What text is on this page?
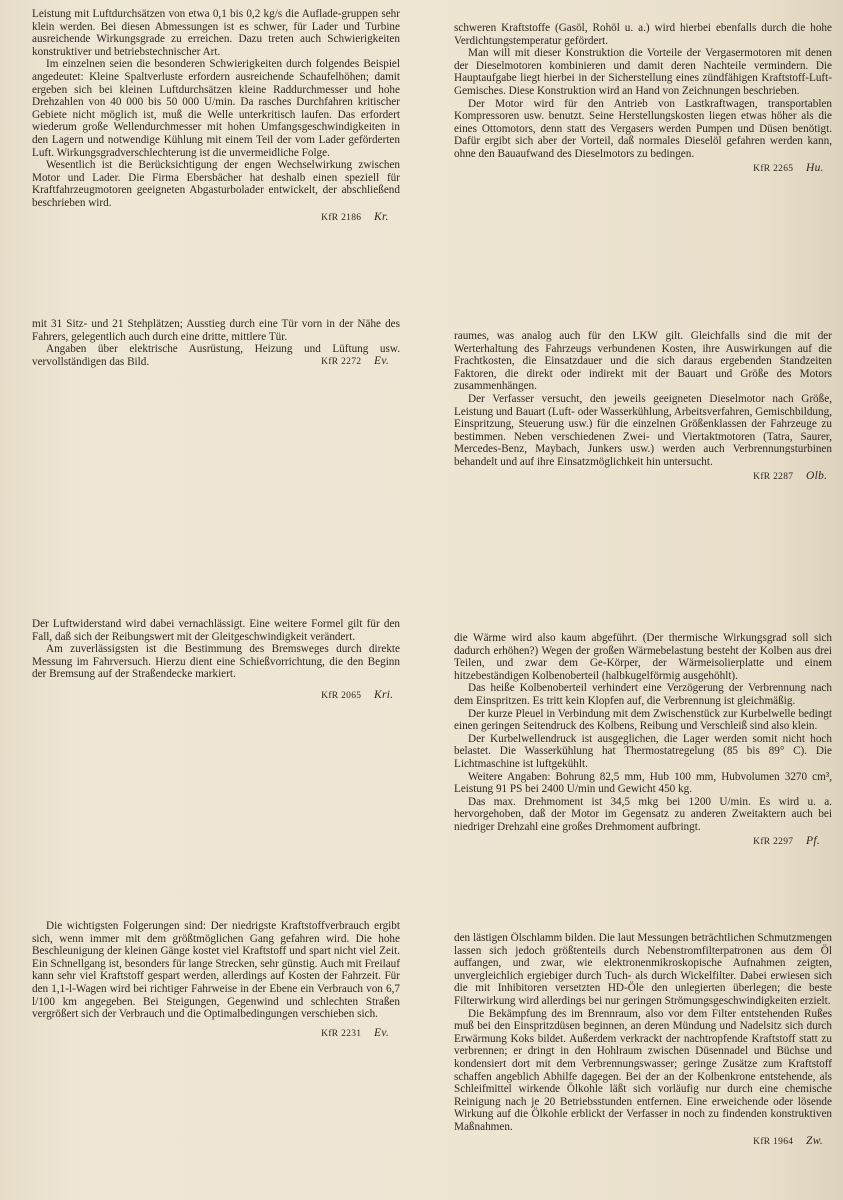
Leistung mit Luftdurchsätzen von etwa 0,1 bis 0,2 kg/s die Auflade-gruppen sehr klein werden. Bei diesen Abmessungen ist es schwer, für Lader und Turbine ausreichende Wirkungsgrade zu erreichen. Dazu treten auch Schwierigkeiten konstruktiver und betriebstechnischer Art.

Im einzelnen seien die besonderen Schwierigkeiten durch folgendes Beispiel angedeutet: Kleine Spaltverluste erfordern ausreichende Schaufelhöhen; damit ergeben sich bei kleinen Luftdurchsätzen kleine Raddurchmesser und hohe Drehzahlen von 40 000 bis 50 000 U/min. Da rasches Durchfahren kritischer Gebiete nicht möglich ist, muß die Welle unterkritisch laufen. Das erfordert wiederum große Wellendurchmesser mit hohen Umfangsgeschwindigkeiten in den Lagern und notwendige Kühlung mit einem Teil der vom Lader geförderten Luft. Wirkungsgradverschlechterung ist die unvermeidliche Folge.

Wesentlich ist die Berücksichtigung der engen Wechselwirkung zwischen Motor und Lader. Die Firma Ebersbächer hat deshalb einen speziell für Kraftfahrzeugmotoren geeigneten Abgasturbolader entwickelt, der abschließend beschrieben wird.

KfR 2186 Kr.

schweren Kraftstoffe (Gasöl, Rohöl u. a.) wird hierbei ebenfalls durch die hohe Verdichtungstemperatur gefördert.

Man will mit dieser Konstruktion die Vorteile der Vergasermotoren mit denen der Dieselmotoren kombinieren und damit deren Nachteile vermindern. Die Hauptaufgabe liegt hierbei in der Sicherstellung eines zündfähigen Kraftstoff-Luft-Gemisches. Diese Konstruktion wird an Hand von Zeichnungen beschrieben.

Der Motor wird für den Antrieb von Lastkraftwagen, transportablen Kompressoren usw. benutzt. Seine Herstellungskosten liegen etwas höher als die eines Ottomotors, denn statt des Vergasers werden Pumpen und Düsen benötigt. Dafür ergibt sich aber der Vorteil, daß normales Dieselöl gefahren werden kann, ohne den Bauaufwand des Dieselmotors zu bedingen.

KfR 2265 Hu.

mit 31 Sitz- und 21 Stehplätzen; Ausstieg durch eine Tür vorn in der Nähe des Fahrers, gelegentlich auch durch eine dritte, mittlere Tür.

Angaben über elektrische Ausrüstung, Heizung und Lüftung usw. vervollständigen das Bild.	KfR 2272 Ev.

raumes, was analog auch für den LKW gilt. Gleichfalls sind die mit der Werterhaltung des Fahrzeugs verbundenen Kosten, ihre Auswirkungen auf die Frachtkosten, die Einsatzdauer und die sich daraus ergebenden Standzeiten Faktoren, die direkt oder indirekt mit der Bauart und Größe des Motors zusammenhängen.

Der Verfasser versucht, den jeweils geeigneten Dieselmotor nach Größe, Leistung und Bauart (Luft- oder Wasserkühlung, Arbeitsverfahren, Gemischbildung, Einspritzung, Steuerung usw.) für die einzelnen Größenklassen der Fahrzeuge zu bestimmen. Neben verschiedenen Zwei- und Viertaktmotoren (Tatra, Saurer, Mercedes-Benz, Maybach, Junkers usw.) werden auch Verbrennungsturbinen behandelt und auf ihre Einsatzmöglichkeit hin untersucht.

KfR 2287 Olb.

Der Luftwiderstand wird dabei vernachlässigt. Eine weitere Formel gilt für den Fall, daß sich der Reibungswert mit der Gleitgeschwindigkeit verändert.

Am zuverlässigsten ist die Bestimmung des Bremsweges durch direkte Messung im Fahrversuch. Hierzu dient eine Schießvorrichtung, die den Beginn der Bremsung auf der Straßendecke markiert.

KfR 2065 Kri.

die Wärme wird also kaum abgeführt. (Der thermische Wirkungsgrad soll sich dadurch erhöhen?) Wegen der großen Wärmebelastung besteht der Kolben aus drei Teilen, und zwar dem Ge-Körper, der Wärmeisolierplatte und einem hitzebeständigen Kolbenoberteil (halbkugelförmig ausgehöhlt).

Das heiße Kolbenoberteil verhindert eine Verzögerung der Verbrennung nach dem Einspritzen. Es tritt kein Klopfen auf, die Verbrennung ist gleichmäßig.

Der kurze Pleuel in Verbindung mit dem Zwischenstück zur Kurbelwelle bedingt einen geringen Seitendruck des Kolbens, Reibung und Verschleiß sind also klein.

Der Kurbelwellendruck ist ausgeglichen, die Lager werden somit nicht hoch belastet. Die Wasserkühlung hat Thermostatregelung (85 bis 89° C). Die Lichtmaschine ist luftgekühlt.

Weitere Angaben: Bohrung 82,5 mm, Hub 100 mm, Hubvolumen 3270 cm³, Leistung 91 PS bei 2400 U/min und Gewicht 450 kg.

Das max. Drehmoment ist 34,5 mkg bei 1200 U/min. Es wird u. a. hervorgehoben, daß der Motor im Gegensatz zu anderen Zweitaktern auch bei niedriger Drehzahl eine großes Drehmoment aufbringt.

KfR 2297 Pf.

Die wichtigsten Folgerungen sind: Der niedrigste Kraftstoffverbrauch ergibt sich, wenn immer mit dem größtmöglichen Gang gefahren wird. Die hohe Beschleunigung der kleinen Gänge kostet viel Kraftstoff und spart nicht viel Zeit. Ein Schnellgang ist, besonders für lange Strecken, sehr günstig. Auch mit Freilauf kann sehr viel Kraftstoff gespart werden, allerdings auf Kosten der Fahrzeit. Für den 1,1-l-Wagen wird bei richtiger Fahrweise in der Ebene ein Verbrauch von 6,7 l/100 km angegeben. Bei Steigungen, Gegenwind und schlechten Straßen vergrößert sich der Verbrauch und die Optimalbedingungen verschieben sich.

KfR 2231 Ev.

den lästigen Ölschlamm bilden. Die laut Messungen beträchtlichen Schmutzmengen lassen sich jedoch größtenteils durch Nebenstromfilterpatronen aus dem Öl auffangen, und zwar, wie elektronenmikroskopische Aufnahmen zeigten, unvergleichlich ergiebiger durch Tuch- als durch Wickelfilter. Dabei erwiesen sich die mit Inhibitoren versetzten HD-Öle den unlegierten überlegen; die beste Filterwirkung wird allerdings bei nur geringen Strömungsgeschwindigkeiten erzielt.

Die Bekämpfung des im Brennraum, also vor dem Filter entstehenden Rußes muß bei den Einspritzdüsen beginnen, an deren Mündung und Nadelsitz sich durch Erwärmung Koks bildet. Außerdem verkrackt der nachtropfende Kraftstoff statt zu verbrennen; er dringt in den Hohlraum zwischen Düsennadel und Büchse und kondensiert dort mit dem Verbrennungswasser; geringe Zusätze zum Kraftstoff schaffen angeblich Abhilfe dagegen. Bei der an der Kolbenkrone entstehende, als Schleifmittel wirkende Ölkohle läßt sich vorläufig nur durch eine chemische Reinigung nach je 20 Betriebsstunden entfernen. Eine erweichende oder lösende Wirkung auf die Ölkohle erblickt der Verfasser in noch zu findenden konstruktiven Maßnahmen.

KfR 1964 Zw.
